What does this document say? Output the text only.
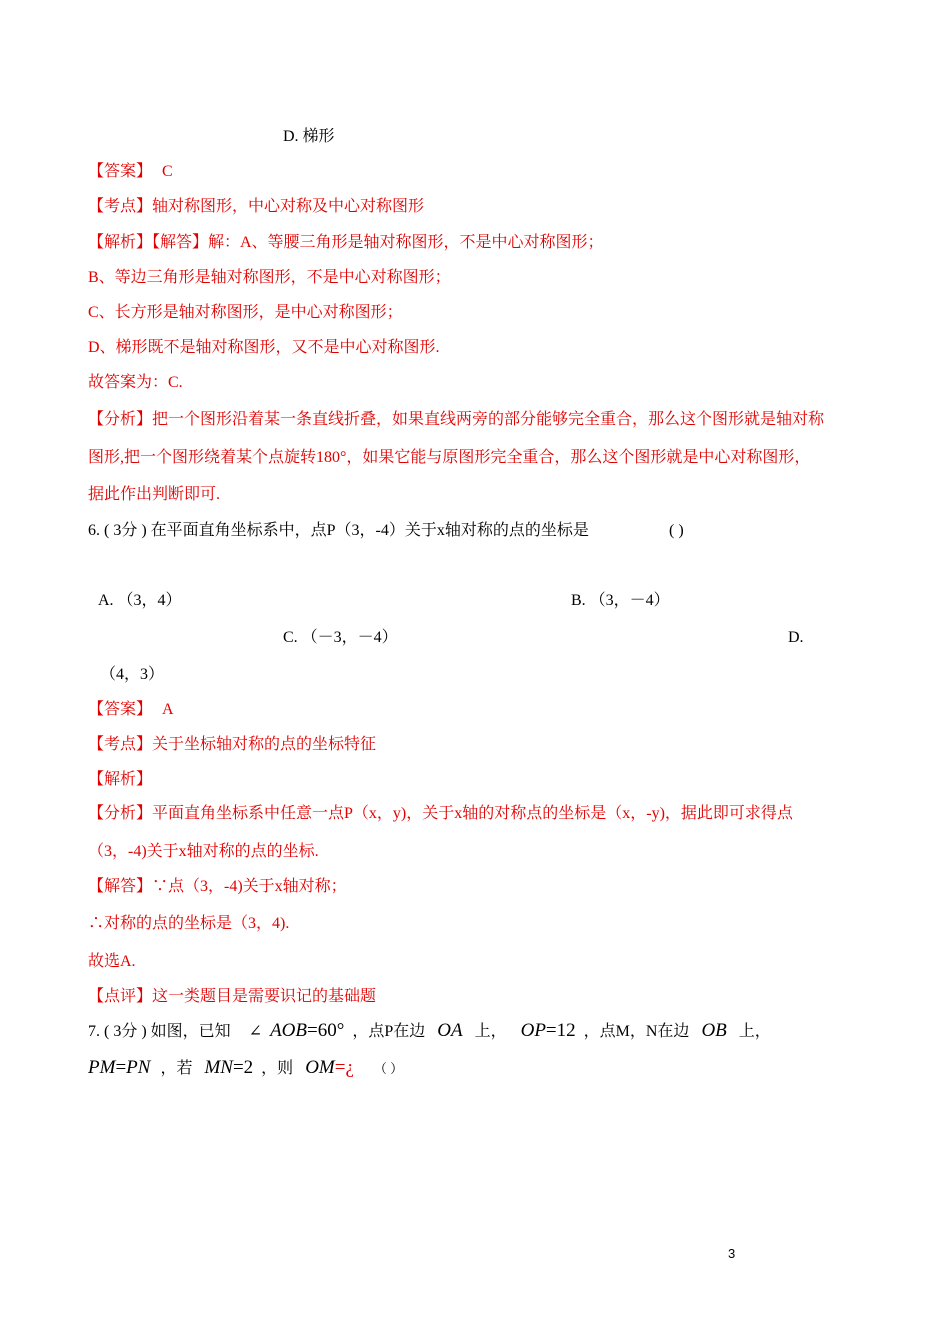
D. 梯形
【答案】 C
【考点】轴对称图形，中心对称及中心对称图形
【解析】【解答】解：A、等腰三角形是轴对称图形，不是中心对称图形；
B、等边三角形是轴对称图形，不是中心对称图形；
C、长方形是轴对称图形，是中心对称图形；
D、梯形既不是轴对称图形，又不是中心对称图形.
故答案为：C.
【分析】把一个图形沿着某一条直线折叠，如果直线两旁的部分能够完全重合，那么这个图形就是轴对称
图形,把一个图形绕着某个点旋转180°，如果它能与原图形完全重合，那么这个图形就是中心对称图形，
据此作出判断即可.
6. ( 3分 ) 在平面直角坐标系中，点P（3，-4）关于x轴对称的点的坐标是	( )
A. （3，4）	B. （3，－4）
C. （－3，－4）	D.
（4，3）
【答案】 A
【考点】关于坐标轴对称的点的坐标特征
【解析】
【分析】平面直角坐标系中任意一点P（x，y)，关于x轴的对称点的坐标是（x，-y)，据此即可求得点
（3，-4)关于x轴对称的点的坐标.
【解答】∵点（3，-4)关于x轴对称；
∴对称的点的坐标是（3，4).
故选A.
【点评】这一类题目是需要识记的基础题
7. ( 3分 ) 如图，已知 ∠ AOB=60° ，点P在边 OA 上， OP=12 ，点M，N在边 OB 上，
PM=PN ，若 MN=2 ，则 OM=¿ （ ）
3
